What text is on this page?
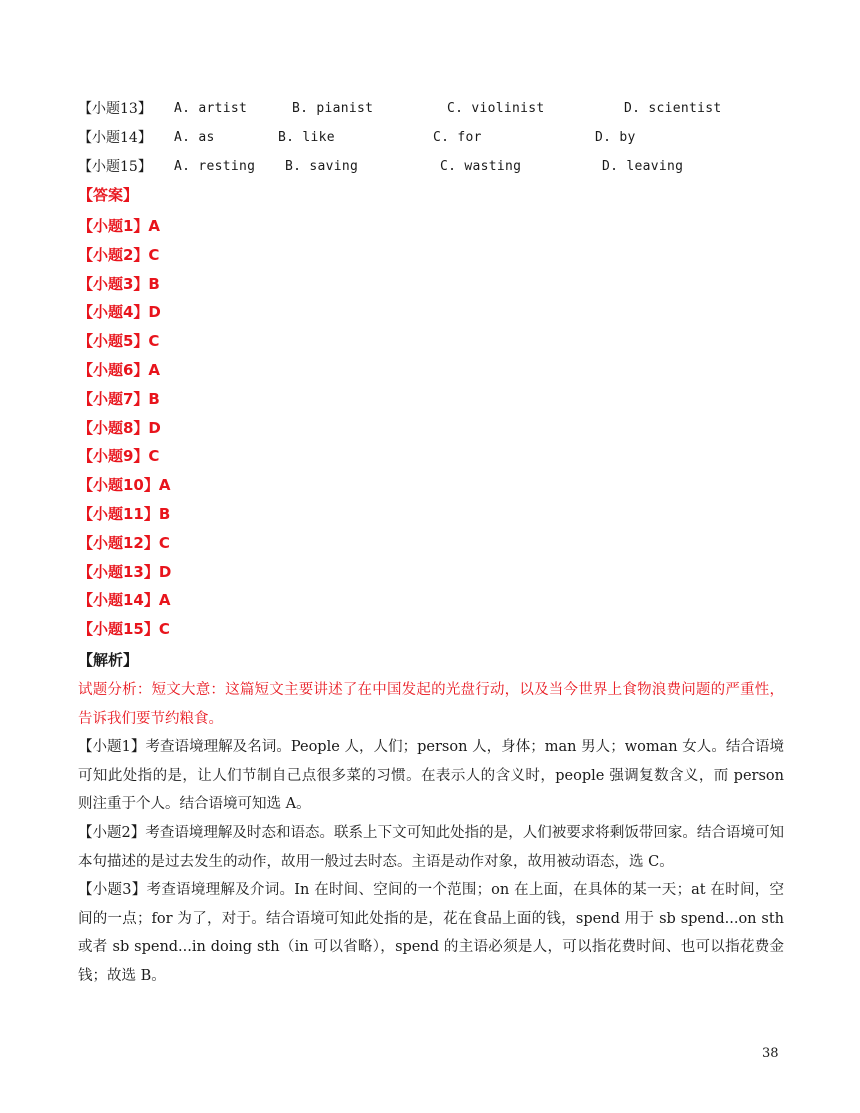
【小题13】 A. artist	B. pianist	C. violinist	D. scientist
【小题14】 A. as	B. like	C. for	D. by
【小题15】 A. resting B. saving	C. wasting	D. leaving
【答案】
【小题1】A
【小题2】C
【小题3】B
【小题4】D
【小题5】C
【小题6】A
【小题7】B
【小题8】D
【小题9】C
【小题10】A
【小题11】B
【小题12】C
【小题13】D
【小题14】A
【小题15】C
【解析】
试题分析：短文大意：这篇短文主要讲述了在中国发起的光盘行动，以及当今世界上食物浪费问题的严重性，告诉我们要节约粮食。
【小题1】考查语境理解及名词。People 人，人们；person 人，身体；man 男人；woman 女人。结合语境可知此处指的是，让人们节制自己点很多菜的习惯。在表示人的含义时，people 强调复数含义，而 person 则注重于个人。结合语境可知选 A。
【小题2】考查语境理解及时态和语态。联系上下文可知此处指的是，人们被要求将剩饭带回家。结合语境可知本句描述的是过去发生的动作，故用一般过去时态。主语是动作对象，故用被动语态，选 C。
【小题3】考查语境理解及介词。In 在时间、空间的一个范围；on 在上面，在具体的某一天；at 在时间，空间的一点；for 为了，对于。结合语境可知此处指的是，花在食品上面的钱，spend 用于 sb spend...on sth 或者 sb spend...in doing sth（in 可以省略），spend 的主语必须是人，可以指花费时间、也可以指花费金钱；故选 B。
38
